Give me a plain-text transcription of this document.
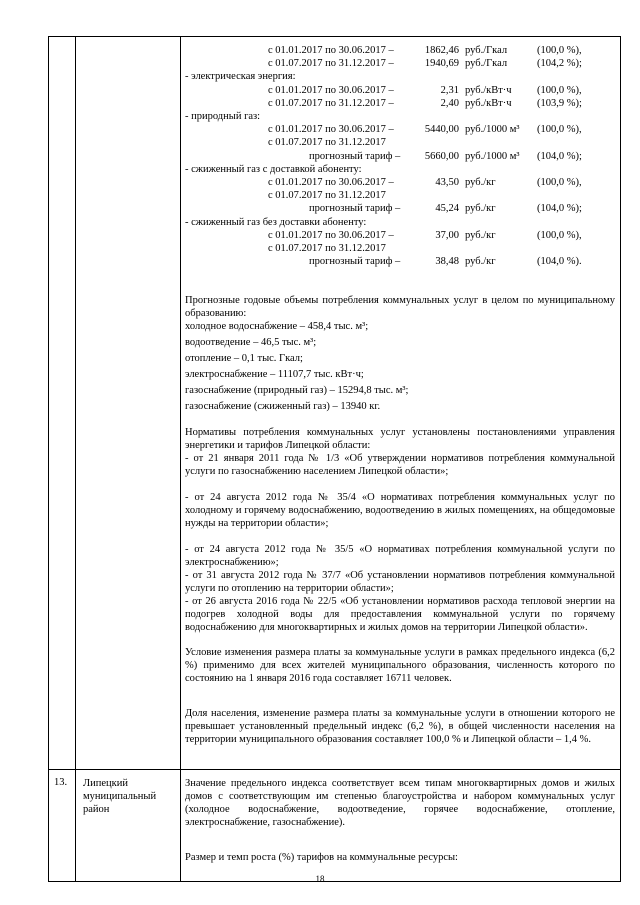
с 01.01.2017 по 30.06.2017 –	1862,46 руб./Гкал	(100,0 %),
с 01.07.2017 по 31.12.2017 –	1940,69 руб./Гкал	(104,2 %);
- электрическая энергия:
с 01.01.2017 по 30.06.2017 –	2,31 руб./кВт·ч (100,0 %),
с 01.07.2017 по 31.12.2017 –	2,40 руб./кВт·ч (103,9 %);
- природный газ:
с 01.01.2017 по 30.06.2017 –	5440,00 руб./1000 м³ (100,0 %),
с 01.07.2017 по 31.12.2017
прогнозный тариф – 5660,00 руб./1000 м³ (104,0 %);
- сжиженный газ с доставкой абоненту:
с 01.01.2017 по 30.06.2017 –	43,50 руб./кг	(100,0 %),
с 01.07.2017 по 31.12.2017
прогнозный тариф –	45,24 руб./кг	(104,0 %);
- сжиженный газ без доставки абоненту:
с 01.01.2017 по 30.06.2017 –	37,00 руб./кг	(100,0 %),
с 01.07.2017 по 31.12.2017
прогнозный тариф –	38,48 руб./кг	(104,0 %).
Прогнозные годовые объемы потребления коммунальных услуг в целом по муниципальному образованию:
холодное водоснабжение – 458,4 тыс. м³;
водоотведение – 46,5 тыс. м³;
отопление – 0,1 тыс. Гкал;
электроснабжение – 11107,7 тыс. кВт·ч;
газоснабжение (природный газ) – 15294,8 тыс. м³;
газоснабжение (сжиженный газ) – 13940 кг.
Нормативы потребления коммунальных услуг установлены постановлениями управления энергетики и тарифов Липецкой области:
- от 21 января 2011 года № 1/3 «Об утверждении нормативов потребления коммунальной услуги по газоснабжению населением Липецкой области»;
- от 24 августа 2012 года № 35/4 «О нормативах потребления коммунальных услуг по холодному и горячему водоснабжению, водоотведению в жилых помещениях, на общедомовые нужды на территории области»;
- от 24 августа 2012 года № 35/5 «О нормативах потребления коммунальной услуги по электроснабжению»;
- от 31 августа 2012 года № 37/7 «Об установлении нормативов потребления коммунальной услуги по отоплению на территории области»;
- от 26 августа 2016 года № 22/5 «Об установлении нормативов расхода тепловой энергии на подогрев холодной воды для предоставления коммунальной услуги по горячему водоснабжению для многоквартирных и жилых домов на территории Липецкой области».
Условие изменения размера платы за коммунальные услуги в рамках предельного индекса (6,2 %) применимо для всех жителей муниципального образования, численность которого по состоянию на 1 января 2016 года составляет 16711 человек.
Доля населения, изменение размера платы за коммунальные услуги в отношении которого не превышает установленный предельный индекс (6,2 %), в общей численности населения на территории муниципального образования составляет 100,0 % и Липецкой области – 1,4 %.
13. Липецкий муниципальный район
Значение предельного индекса соответствует всем типам многоквартирных домов и жилых домов с соответствующим им степенью благоустройства и набором коммунальных услуг (холодное водоснабжение, водоотведение, горячее водоснабжение, отопление, электроснабжение, газоснабжение).
Размер и темп роста (%) тарифов на коммунальные ресурсы:
18
